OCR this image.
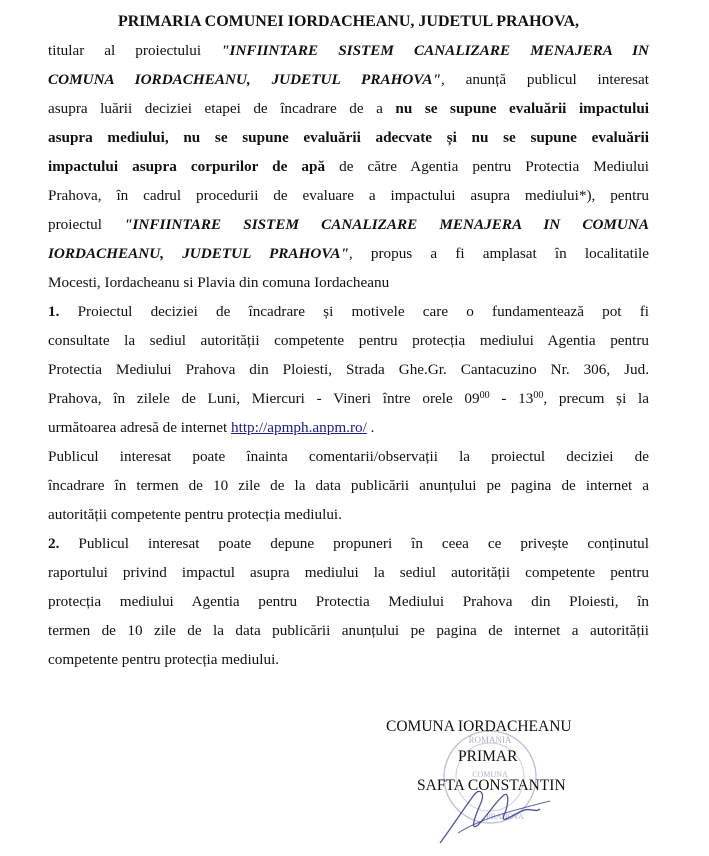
PRIMARIA COMUNEI IORDACHEANU, JUDETUL PRAHOVA,
titular al proiectului "INFIINTARE SISTEM CANALIZARE MENAJERA IN
COMUNA IORDACHEANU, JUDETUL PRAHOVA", anunță publicul interesat
asupra luării deciziei etapei de încadrare de a nu se supune evaluării impactului
asupra mediului, nu se supune evaluării adecvate și nu se supune evaluării
impactului asupra corpurilor de apă de către Agentia pentru Protectia Mediului
Prahova, în cadrul procedurii de evaluare a impactului asupra mediului*), pentru
proiectul "INFIINTARE SISTEM CANALIZARE MENAJERA IN COMUNA
IORDACHEANU, JUDETUL PRAHOVA", propus a fi amplasat în localitatile
Mocesti, Iordacheanu si Plavia din comuna Iordacheanu
1. Proiectul deciziei de încadrare și motivele care o fundamentează pot fi
consultate la sediul autorității competente pentru protecția mediului Agentia pentru
Protectia Mediului Prahova din Ploiesti, Strada Ghe.Gr. Cantacuzino Nr. 306, Jud.
Prahova, în zilele de Luni, Miercuri - Vineri între orele $09^{00} - 13^{00}$, precum și la
următoarea adresă de internet http://apmph.anpm.ro/ .
Publicul interesat poate înainta comentarii/observații la proiectul deciziei de
încadrare în termen de 10 zile de la data publicării anunțului pe pagina de internet a
autorității competente pentru protecția mediului.
2. Publicul interesat poate depune propuneri în ceea ce privește conținutul
raportului privind impactul asupra mediului la sediul autorității competente pentru
protecția mediului Agentia pentru Protectia Mediului Prahova din Ploiesti, în
termen de 10 zile de la data publicării anunțului pe pagina de internet a autorității
competente pentru protecția mediului.
ROMANIA
COMUNA
PRAHOVA
COMUNA IORDACHEANU
PRIMAR
SAFTA CONSTANTIN
